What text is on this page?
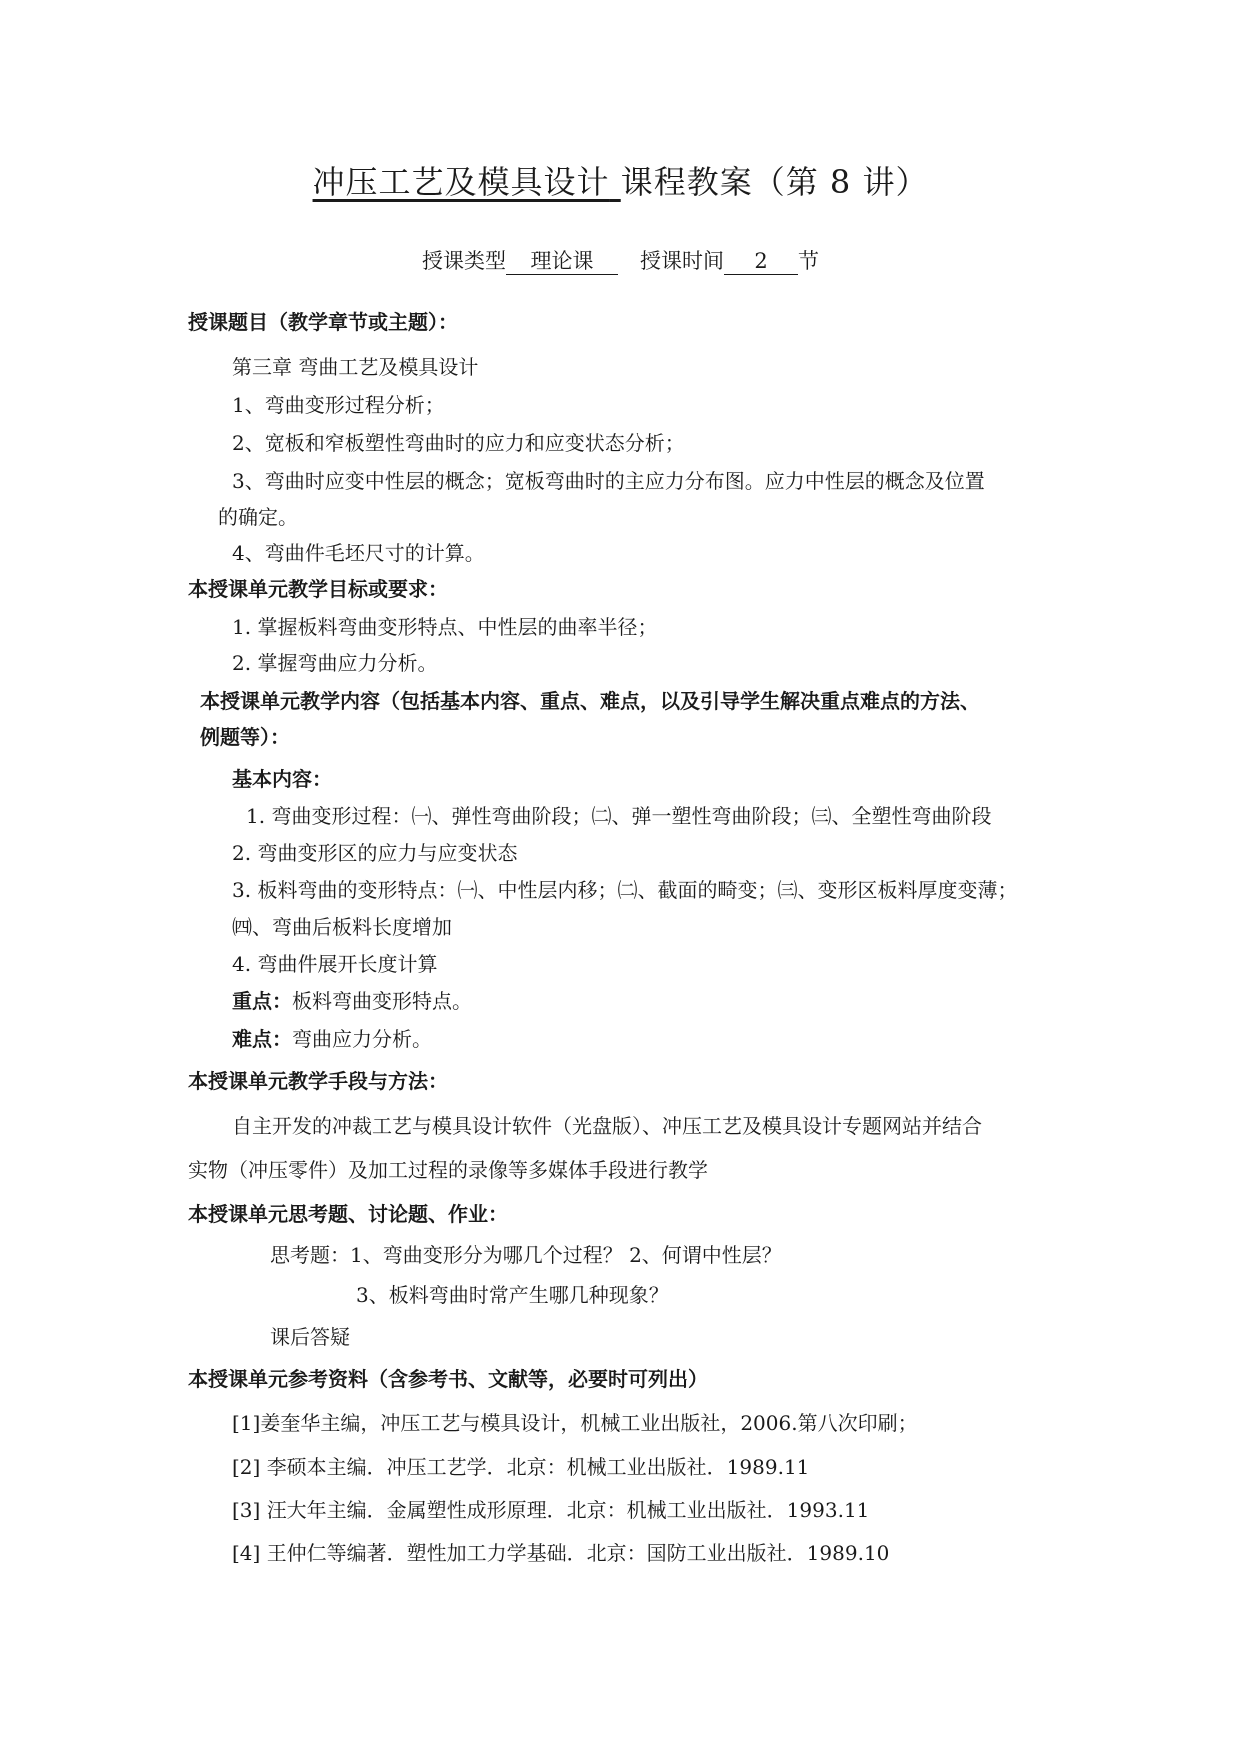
冲压工艺及模具设计 课程教案（第 8 讲）
授课类型 理论课 授课时间 2 节
授课题目（教学章节或主题）：
第三章 弯曲工艺及模具设计
1、弯曲变形过程分析；
2、宽板和窄板塑性弯曲时的应力和应变状态分析；
3、弯曲时应变中性层的概念；宽板弯曲时的主应力分布图。应力中性层的概念及位置
的确定。
4、弯曲件毛坯尺寸的计算。
本授课单元教学目标或要求：
1. 掌握板料弯曲变形特点、中性层的曲率半径；
2. 掌握弯曲应力分析。
本授课单元教学内容（包括基本内容、重点、难点，以及引导学生解决重点难点的方法、
例题等）：
基本内容：
1. 弯曲变形过程：㈠、弹性弯曲阶段；㈡、弹一塑性弯曲阶段；㈢、全塑性弯曲阶段
2. 弯曲变形区的应力与应变状态
3. 板料弯曲的变形特点：㈠、中性层内移；㈡、截面的畸变；㈢、变形区板料厚度变薄；
㈣、弯曲后板料长度增加
4. 弯曲件展开长度计算
重点：板料弯曲变形特点。
难点：弯曲应力分析。
本授课单元教学手段与方法：
自主开发的冲裁工艺与模具设计软件（光盘版）、冲压工艺及模具设计专题网站并结合
实物（冲压零件）及加工过程的录像等多媒体手段进行教学
本授课单元思考题、讨论题、作业：
思考题：1、弯曲变形分为哪几个过程？ 2、何谓中性层？
3、板料弯曲时常产生哪几种现象？
课后答疑
本授课单元参考资料（含参考书、文献等，必要时可列出）
[1]姜奎华主编，冲压工艺与模具设计，机械工业出版社，2006.第八次印刷；
[2] 李硕本主编．冲压工艺学．北京：机械工业出版社．1989.11
[3] 汪大年主编．金属塑性成形原理．北京：机械工业出版社．1993.11
[4] 王仲仁等编著．塑性加工力学基础．北京：国防工业出版社．1989.10
